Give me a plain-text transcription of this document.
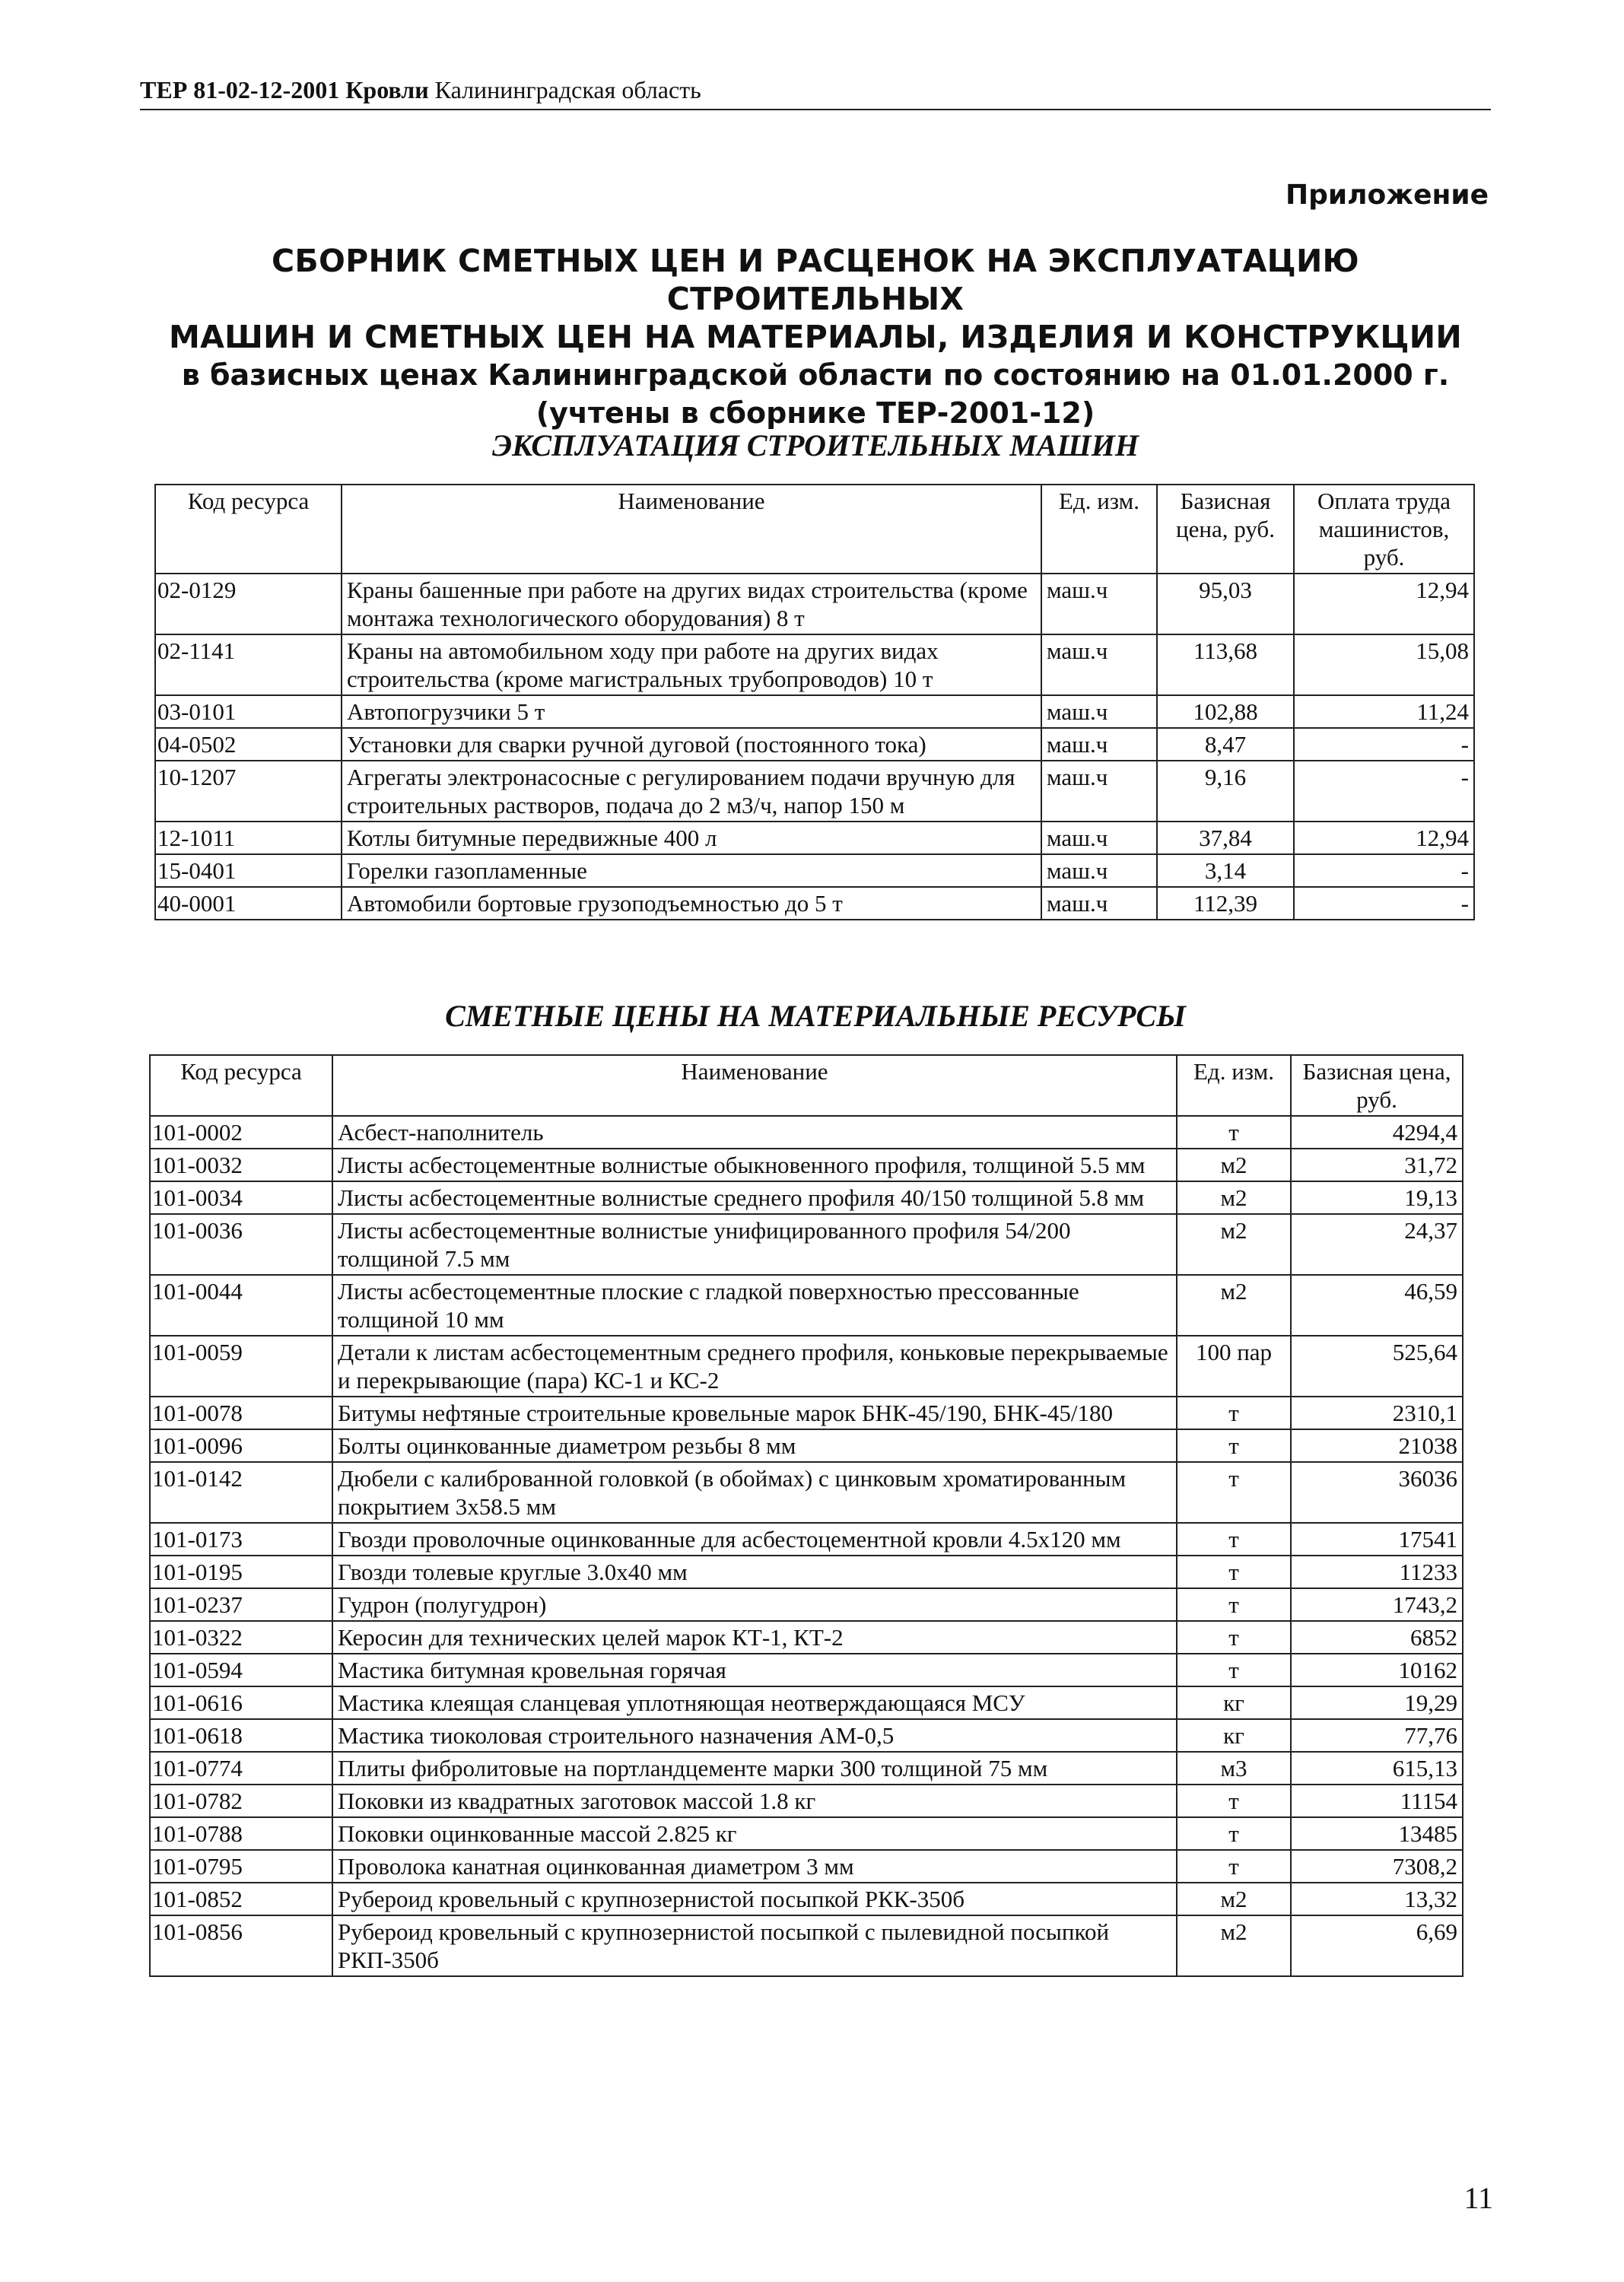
ТЕР 81-02-12-2001 Кровли Калининградская область
Приложение
СБОРНИК СМЕТНЫХ ЦЕН И РАСЦЕНОК НА ЭКСПЛУАТАЦИЮ СТРОИТЕЛЬНЫХ
МАШИН И СМЕТНЫХ ЦЕН НА МАТЕРИАЛЫ, ИЗДЕЛИЯ И КОНСТРУКЦИИ
в базисных ценах Калининградской области по состоянию на 01.01.2000 г.
(учтены в сборнике ТЕР-2001-12)
ЭКСПЛУАТАЦИЯ СТРОИТЕЛЬНЫХ МАШИН
Код ресурса	Наименование	Ед. изм.	Базисная цена, руб.	Оплата труда машинистов, руб.
02-0129	Краны башенные при работе на других видах строительства (кроме монтажа технологического оборудования) 8 т	маш.ч	95,03	12,94
02-1141	Краны на автомобильном ходу при работе на других видах строительства (кроме магистральных трубопроводов) 10 т	маш.ч	113,68	15,08
03-0101	Автопогрузчики 5 т	маш.ч	102,88	11,24
04-0502	Установки для сварки ручной дуговой (постоянного тока)	маш.ч	8,47	-
10-1207	Агрегаты электронасосные с регулированием подачи вручную для строительных растворов, подача до 2 м3/ч, напор 150 м	маш.ч	9,16	-
12-1011	Котлы битумные передвижные 400 л	маш.ч	37,84	12,94
15-0401	Горелки газопламенные	маш.ч	3,14	-
40-0001	Автомобили бортовые грузоподъемностью до 5 т	маш.ч	112,39	-
СМЕТНЫЕ ЦЕНЫ НА МАТЕРИАЛЬНЫЕ РЕСУРСЫ
Код ресурса	Наименование	Ед. изм.	Базисная цена, руб.
101-0002	Асбест-наполнитель	т	4294,4
101-0032	Листы асбестоцементные волнистые обыкновенного профиля, толщиной 5.5 мм	м2	31,72
101-0034	Листы асбестоцементные волнистые среднего профиля 40/150 толщиной 5.8 мм	м2	19,13
101-0036	Листы асбестоцементные волнистые унифицированного профиля 54/200 толщиной 7.5 мм	м2	24,37
101-0044	Листы асбестоцементные плоские с гладкой поверхностью прессованные толщиной 10 мм	м2	46,59
101-0059	Детали к листам асбестоцементным среднего профиля, коньковые перекрываемые и перекрывающие (пара) КС-1 и КС-2	100 пар	525,64
101-0078	Битумы нефтяные строительные кровельные марок БНК-45/190, БНК-45/180	т	2310,1
101-0096	Болты оцинкованные диаметром резьбы 8 мм	т	21038
101-0142	Дюбели с калиброванной головкой (в обоймах) с цинковым хроматированным покрытием 3х58.5 мм	т	36036
101-0173	Гвозди проволочные оцинкованные для асбестоцементной кровли 4.5х120 мм	т	17541
101-0195	Гвозди толевые круглые 3.0х40 мм	т	11233
101-0237	Гудрон (полугудрон)	т	1743,2
101-0322	Керосин для технических целей марок КТ-1, КТ-2	т	6852
101-0594	Мастика битумная кровельная горячая	т	10162
101-0616	Мастика клеящая сланцевая уплотняющая неотверждающаяся МСУ	кг	19,29
101-0618	Мастика тиоколовая строительного назначения АМ-0,5	кг	77,76
101-0774	Плиты фибролитовые на портландцементе марки 300 толщиной 75 мм	м3	615,13
101-0782	Поковки из квадратных заготовок массой 1.8 кг	т	11154
101-0788	Поковки оцинкованные массой 2.825 кг	т	13485
101-0795	Проволока канатная оцинкованная диаметром 3 мм	т	7308,2
101-0852	Рубероид кровельный с крупнозернистой посыпкой РКК-350б	м2	13,32
101-0856	Рубероид кровельный с крупнозернистой посыпкой с пылевидной посыпкой РКП-350б	м2	6,69
11
